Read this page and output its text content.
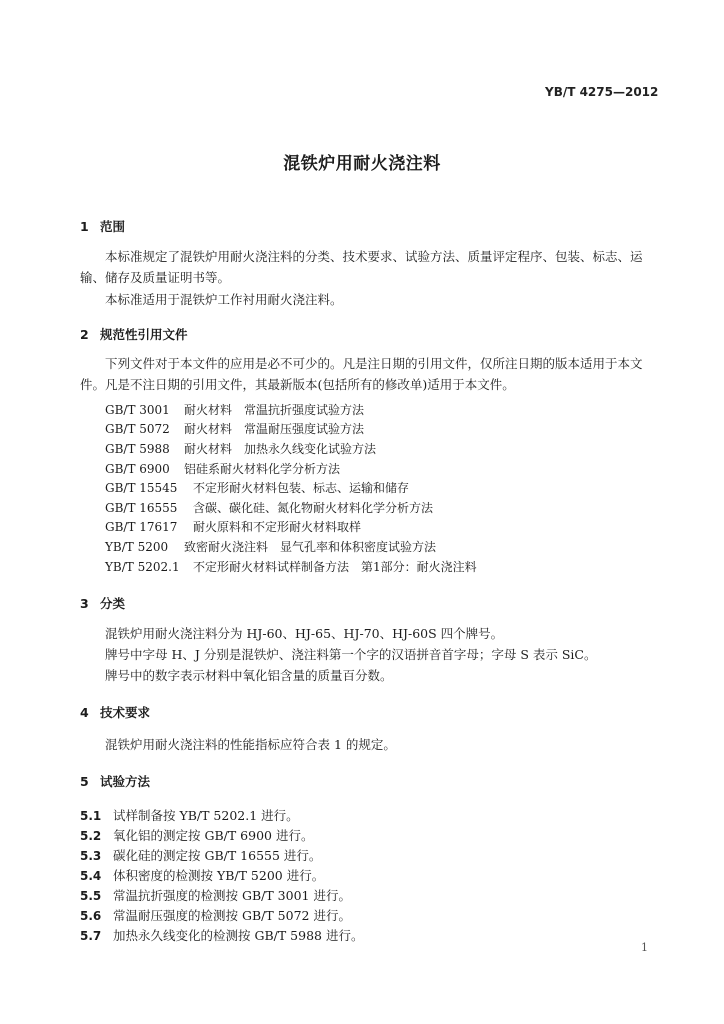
YB/T 4275—2012
混铁炉用耐火浇注料
1 范围
本标准规定了混铁炉用耐火浇注料的分类、技术要求、试验方法、质量评定程序、包装、标志、运输、储存及质量证明书等。
本标准适用于混铁炉工作衬用耐火浇注料。
2 规范性引用文件
下列文件对于本文件的应用是必不可少的。凡是注日期的引用文件，仅所注日期的版本适用于本文件。凡是不注日期的引用文件，其最新版本(包括所有的修改单)适用于本文件。
GB/T 3001 耐火材料　常温抗折强度试验方法
GB/T 5072 耐火材料　常温耐压强度试验方法
GB/T 5988 耐火材料　加热永久线变化试验方法
GB/T 6900 铝硅系耐火材料化学分析方法
GB/T 15545 不定形耐火材料包装、标志、运输和储存
GB/T 16555 含碳、碳化硅、氮化物耐火材料化学分析方法
GB/T 17617 耐火原料和不定形耐火材料取样
YB/T 5200 致密耐火浇注料　显气孔率和体积密度试验方法
YB/T 5202.1 不定形耐火材料试样制备方法　第1部分：耐火浇注料
3 分类
混铁炉用耐火浇注料分为 HJ-60、HJ-65、HJ-70、HJ-60S 四个牌号。
牌号中字母 H、J 分别是混铁炉、浇注料第一个字的汉语拼音首字母；字母 S 表示 SiC。
牌号中的数字表示材料中氧化铝含量的质量百分数。
4 技术要求
混铁炉用耐火浇注料的性能指标应符合表 1 的规定。
5 试验方法
5.1 试样制备按 YB/T 5202.1 进行。
5.2 氧化铝的测定按 GB/T 6900 进行。
5.3 碳化硅的测定按 GB/T 16555 进行。
5.4 体积密度的检测按 YB/T 5200 进行。
5.5 常温抗折强度的检测按 GB/T 3001 进行。
5.6 常温耐压强度的检测按 GB/T 5072 进行。
5.7 加热永久线变化的检测按 GB/T 5988 进行。
1
